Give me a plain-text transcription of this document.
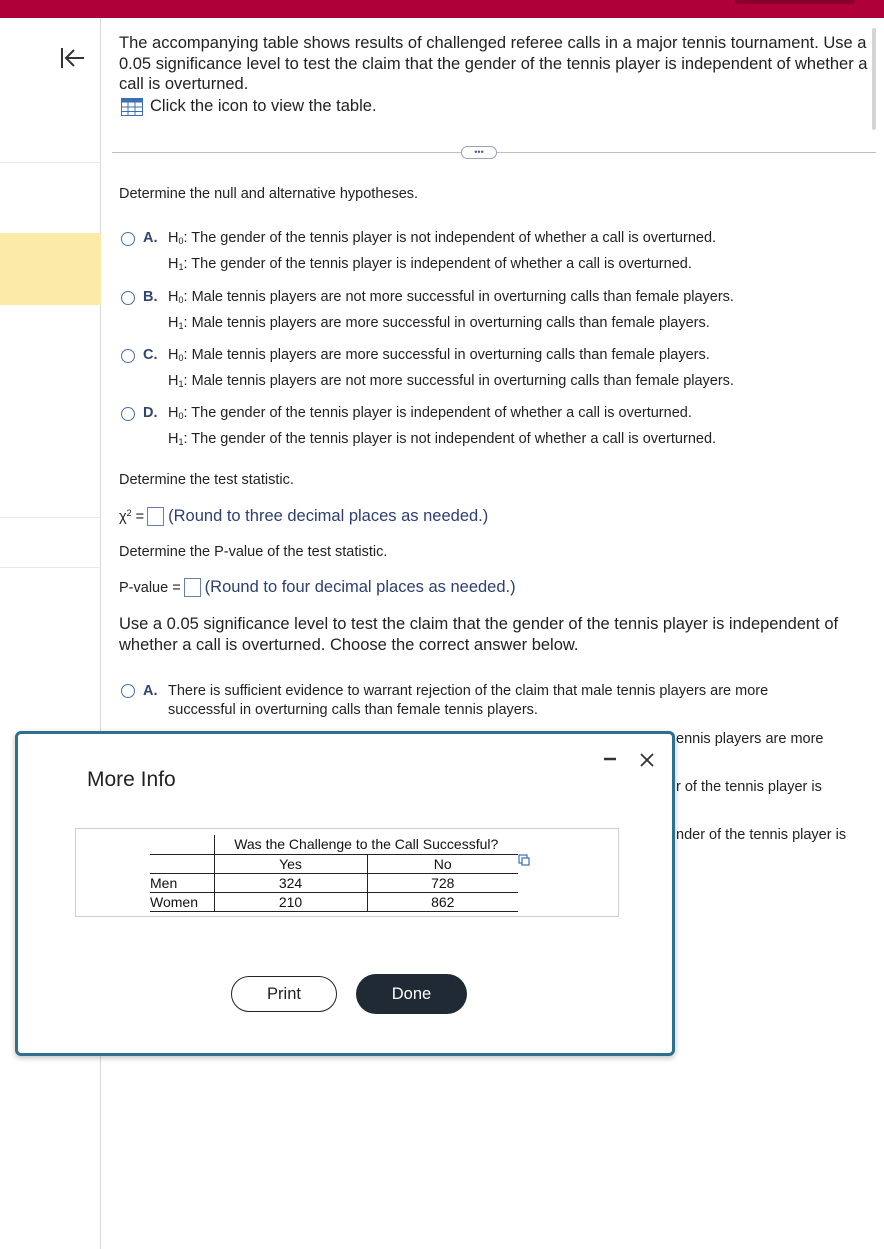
The accompanying table shows results of challenged referee calls in a major tennis tournament. Use a 0.05 significance level to test the claim that the gender of the tennis player is independent of whether a call is overturned.
Click the icon to view the table.
•••
Determine the null and alternative hypotheses.
A. $H_0$: The gender of the tennis player is not independent of whether a call is overturned.
$H_1$: The gender of the tennis player is independent of whether a call is overturned.
B. $H_0$: Male tennis players are not more successful in overturning calls than female players.
$H_1$: Male tennis players are more successful in overturning calls than female players.
C. $H_0$: Male tennis players are more successful in overturning calls than female players.
$H_1$: Male tennis players are not more successful in overturning calls than female players.
D. $H_0$: The gender of the tennis player is independent of whether a call is overturned.
$H_1$: The gender of the tennis player is not independent of whether a call is overturned.
Determine the test statistic.
$\chi^2$ = (Round to three decimal places as needed.)
Determine the P-value of the test statistic.
P-value = (Round to four decimal places as needed.)
Use a 0.05 significance level to test the claim that the gender of the tennis player is independent of whether a call is overturned. Choose the correct answer below.
A. There is sufficient evidence to warrant rejection of the claim that male tennis players are more successful in overturning calls than female tennis players.
ennis players are more
r of the tennis player is
nder of the tennis player is
More Info
	Was the Challenge to the Call Successful?	
	Yes	No
Men	324	728
Women	210	862
Print	Done
